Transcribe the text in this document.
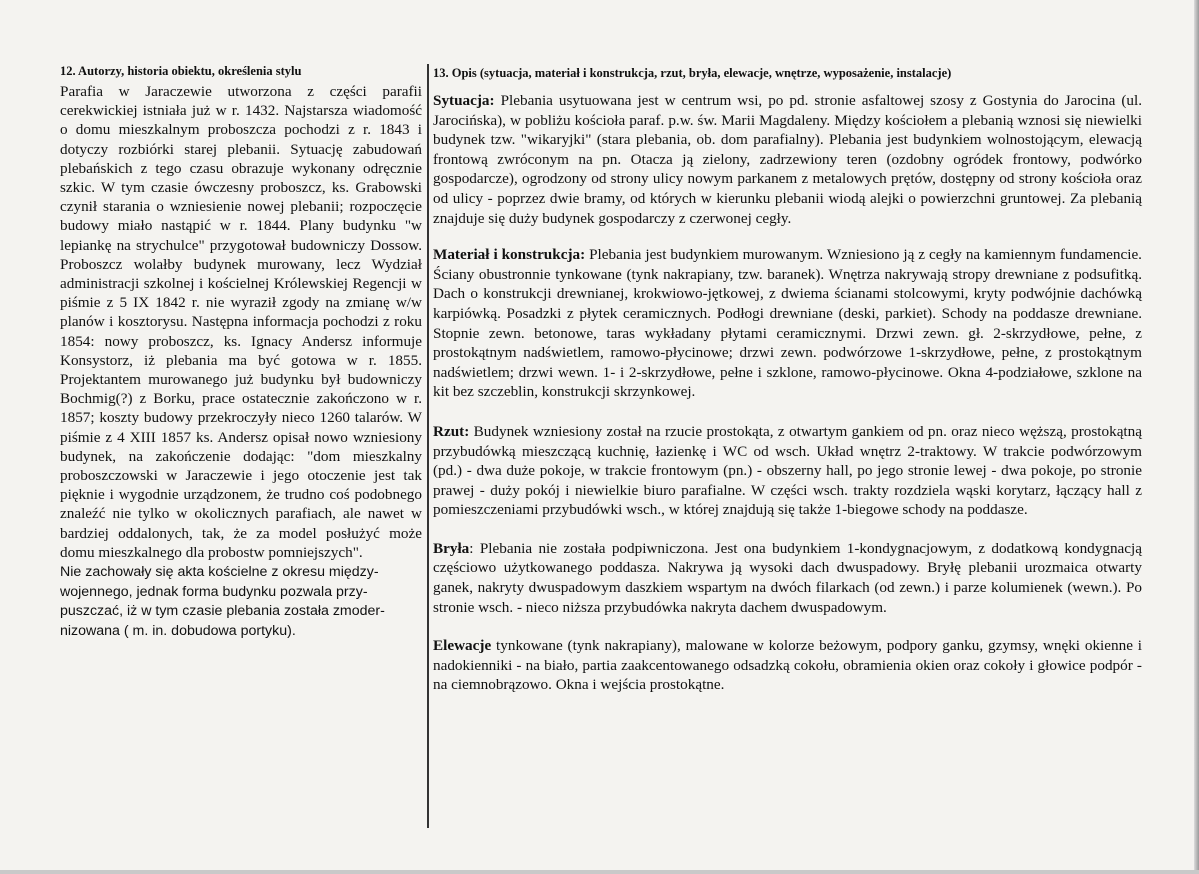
12. Autorzy, historia obiektu, określenia stylu

Parafia w Jaraczewie utworzona z części parafii cerekwickiej istniała już w r. 1432. Najstarsza wiadomość o domu mieszkalnym proboszcza pochodzi z r. 1843 i dotyczy rozbiórki starej plebanii. Sytuację zabudowań plebańskich z tego czasu obrazuje wykonany odręcznie szkic. W tym czasie ówczesny proboszcz, ks. Grabowski czynił starania o wzniesienie nowej plebanii; rozpoczęcie budowy miało nastąpić w r. 1844. Plany budynku "w lepiankę na strychulce" przygotował budowniczy Dossow. Proboszcz wolałby budynek murowany, lecz Wydział administracji szkolnej i kościelnej Królewskiej Regencji w piśmie z 5 IX 1842 r. nie wyraził zgody na zmianę w/w planów i kosztorysu. Następna informacja pochodzi z roku 1854: nowy proboszcz, ks. Ignacy Andersz informuje Konsystorz, iż plebania ma być gotowa w r. 1855. Projektantem murowanego już budynku był budowniczy Bochmig(?) z Borku, prace ostatecznie zakończono w r. 1857; koszty budowy przekroczyły nieco 1260 talarów. W piśmie z 4 XIII 1857 ks. Andersz opisał nowo wzniesiony budynek, na zakończenie dodając: "dom mieszkalny proboszczowski w Jaraczewie i jego otoczenie jest tak pięknie i wygodnie urządzonem, że trudno coś podobnego znaleźć nie tylko w okolicznych parafiach, ale nawet w bardziej oddalonych, tak, że za model posłużyć może domu mieszkalnego dla probostw pomniejszych".

Nie zachowały się akta kościelne z okresu między-wojennego, jednak forma budynku pozwala przy-puszczać, iż w tym czasie plebania została zmoder-nizowana ( m. in. dobudowa portyku).

13. Opis (sytuacja, materiał i konstrukcja, rzut, bryła, elewacje, wnętrze, wyposażenie, instalacje)

Sytuacja: Plebania usytuowana jest w centrum wsi, po pd. stronie asfaltowej szosy z Gostynia do Jarocina (ul. Jarocińska), w pobliżu kościoła paraf. p.w. św. Marii Magdaleny. Między kościołem a plebanią wznosi się niewielki budynek tzw. "wikaryjki" (stara plebania, ob. dom parafialny). Plebania jest budynkiem wolnostojącym, elewacją frontową zwróconym na pn. Otacza ją zielony, zadrzewiony teren (ozdobny ogródek frontowy, podwórko gospodarcze), ogrodzony od strony ulicy nowym parkanem z metalowych prętów, dostępny od strony kościoła oraz od ulicy - poprzez dwie bramy, od których w kierunku plebanii wiodą alejki o powierzchni gruntowej. Za plebanią znajduje się duży budynek gospodarczy z czerwonej cegły.

Materiał i konstrukcja: Plebania jest budynkiem murowanym. Wzniesiono ją z cegły na kamiennym fundamencie. Ściany obustronnie tynkowane (tynk nakrapiany, tzw. baranek). Wnętrza nakrywają stropy drewniane z podsufitką. Dach o konstrukcji drewnianej, krokwiowo-jętkowej, z dwiema ścianami stolcowymi, kryty podwójnie dachówką karpiówką. Posadzki z płytek ceramicznych. Podłogi drewniane (deski, parkiet). Schody na poddasze drewniane. Stopnie zewn. betonowe, taras wykładany płytami ceramicznymi. Drzwi zewn. gł. 2-skrzydłowe, pełne, z prostokątnym nadświetlem, ramowo-płycinowe; drzwi zewn. podwórzowe 1-skrzydłowe, pełne, z prostokątnym nadświetlem; drzwi wewn. 1- i 2-skrzydłowe, pełne i szklone, ramowo-płycinowe. Okna 4-podziałowe, szklone na kit bez szczeblin, konstrukcji skrzynkowej.

Rzut: Budynek wzniesiony został na rzucie prostokąta, z otwartym gankiem od pn. oraz nieco węższą, prostokątną przybudówką mieszczącą kuchnię, łazienkę i WC od wsch. Układ wnętrz 2-traktowy. W trakcie podwórzowym (pd.) - dwa duże pokoje, w trakcie frontowym (pn.) - obszerny hall, po jego stronie lewej - dwa pokoje, po stronie prawej - duży pokój i niewielkie biuro parafialne. W części wsch. trakty rozdziela wąski korytarz, łączący hall z pomieszczeniami przybudówki wsch., w której znajdują się także 1-biegowe schody na poddasze.

Bryła: Plebania nie została podpiwniczona. Jest ona budynkiem 1-kondygnacjowym, z dodatkową kondygnacją częściowo użytkowanego poddasza. Nakrywa ją wysoki dach dwuspadowy. Bryłę plebanii urozmaica otwarty ganek, nakryty dwuspadowym daszkiem wspartym na dwóch filarkach (od zewn.) i parze kolumienek (wewn.). Po stronie wsch. - nieco niższa przybudówka nakryta dachem dwuspadowym.

Elewacje tynkowane (tynk nakrapiany), malowane w kolorze beżowym, podpory ganku, gzymsy, wnęki okienne i nadokienniki - na biało, partia zaakcentowanego odsadzką cokołu, obramienia okien oraz cokoły i głowice podpór - na ciemnobrązowo. Okna i wejścia prostokątne.
